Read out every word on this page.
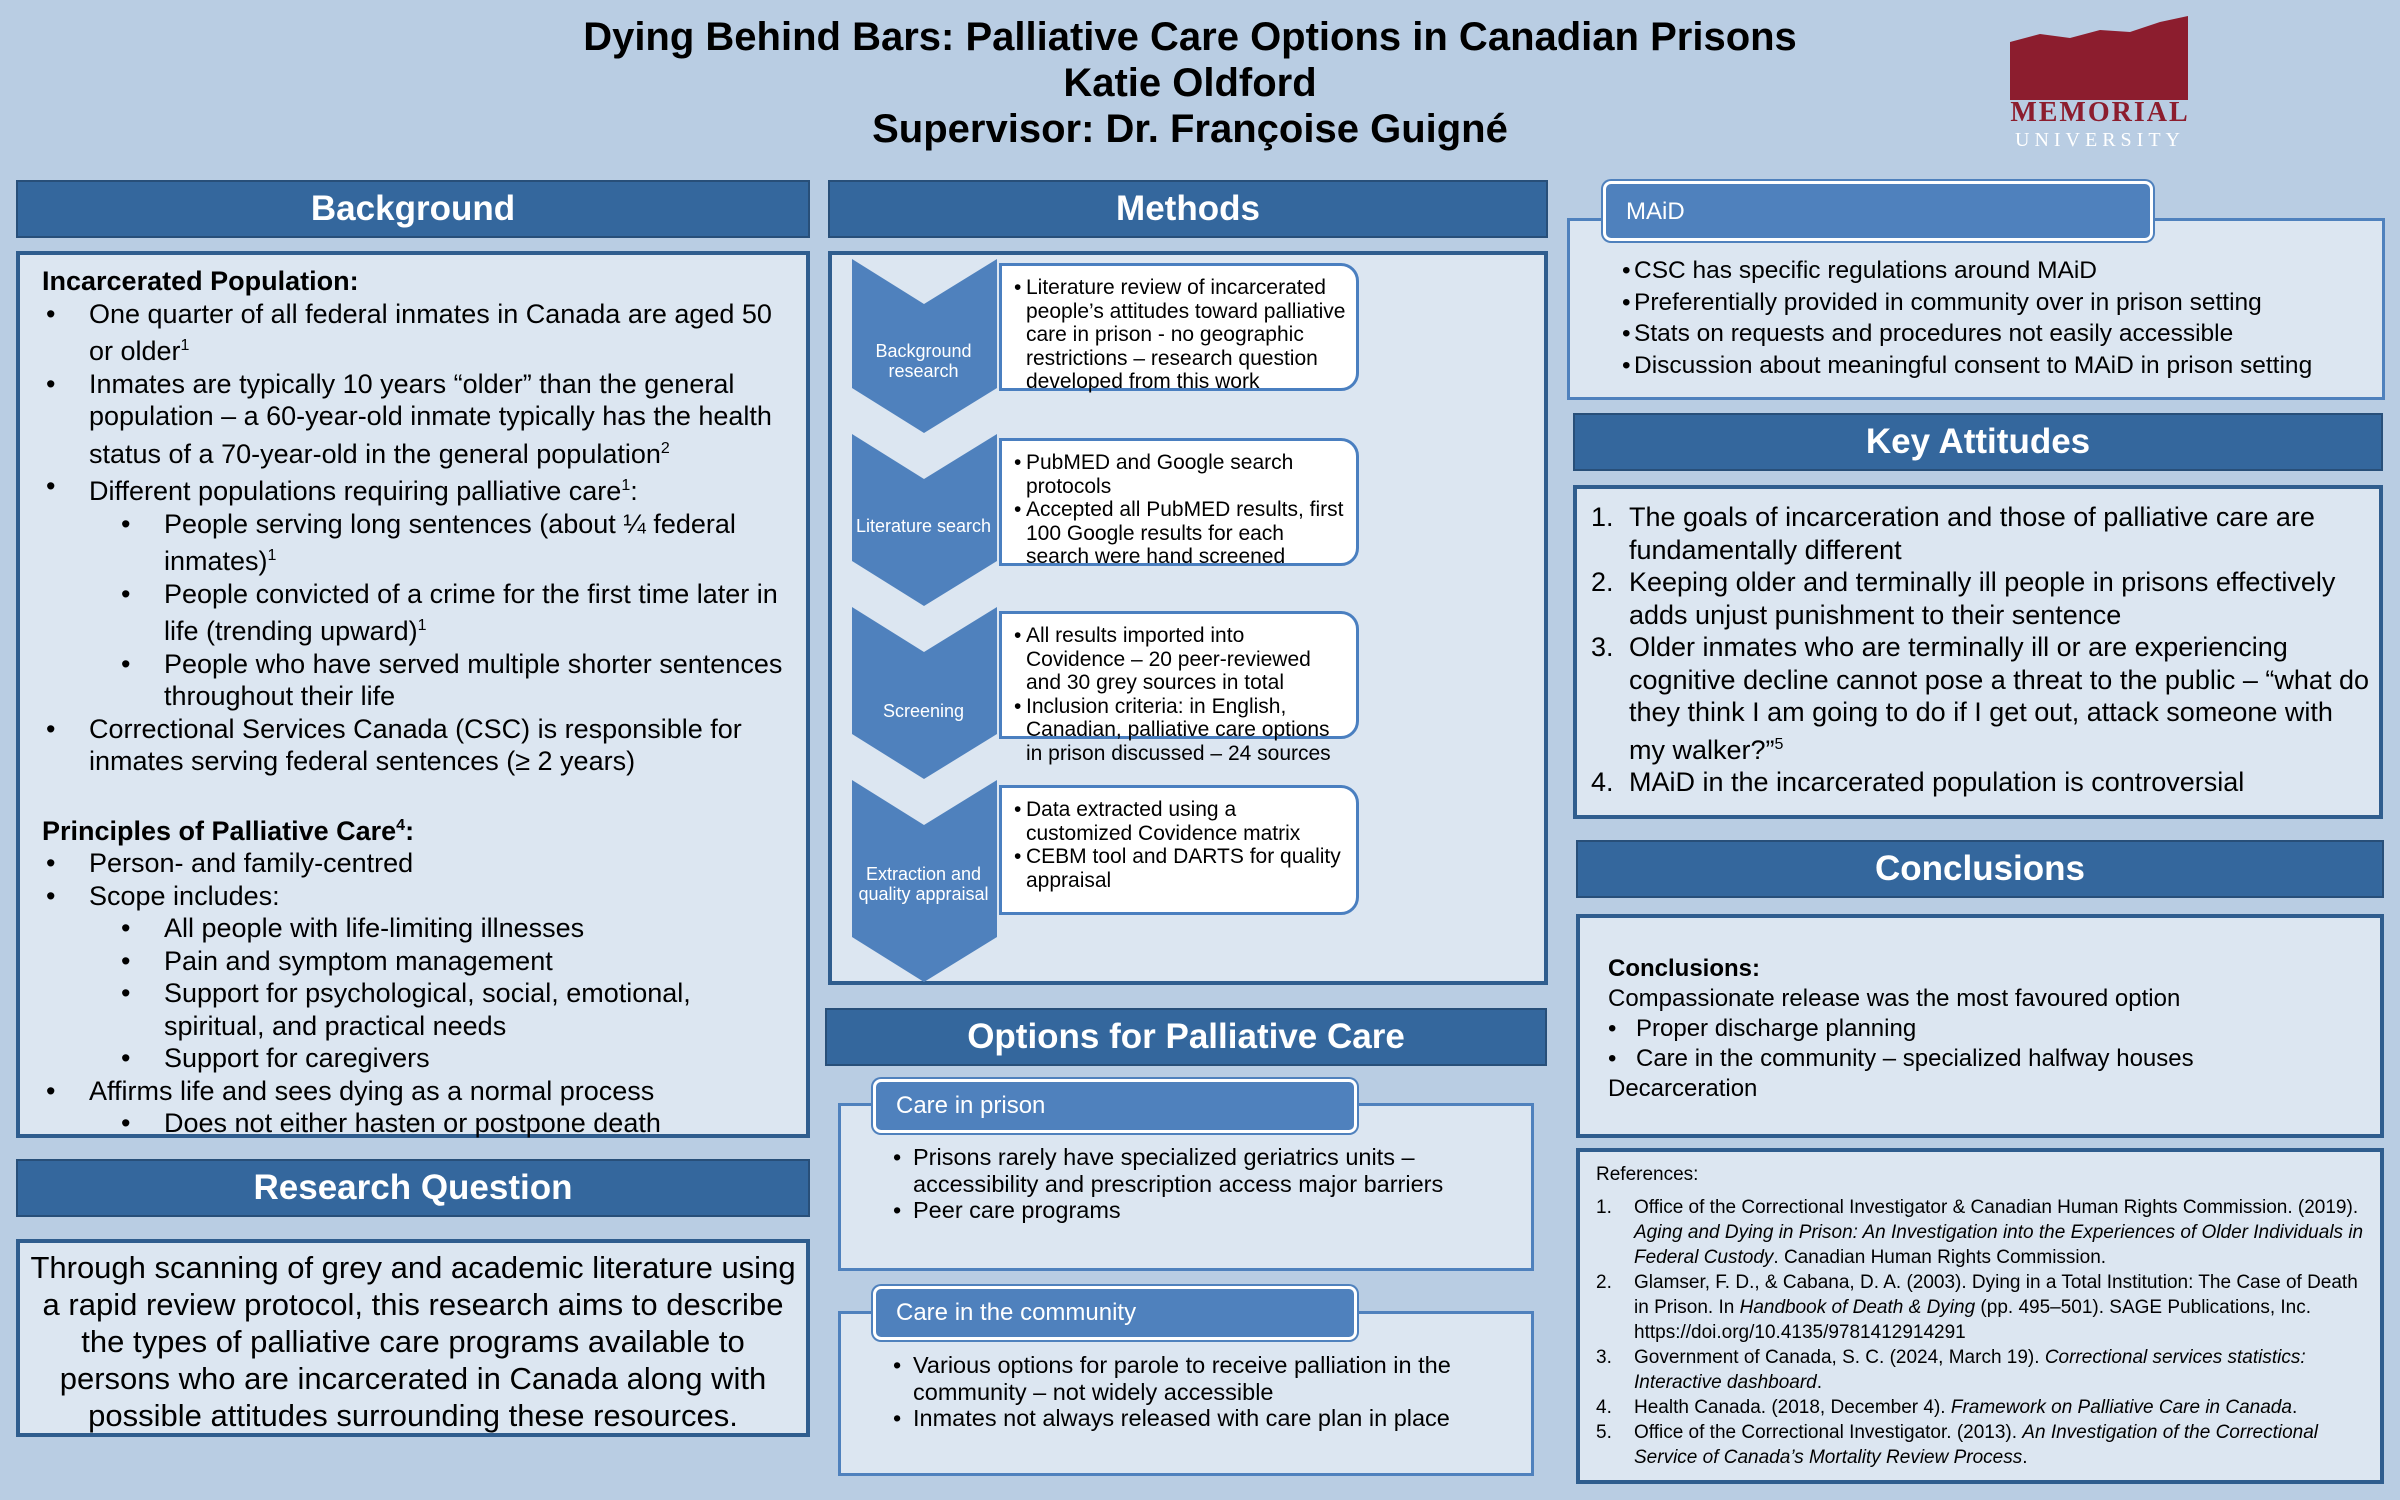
Dying Behind Bars: Palliative Care Options in Canadian Prisons
Katie Oldford
Supervisor: Dr. Françoise Guigné	MEMORIAL
UNIVERSITY
Background
Incarcerated Population:
• One quarter of all federal inmates in Canada are aged 50 or older$^1$
• Inmates are typically 10 years “older” than the general population – a 60-year-old inmate typically has the health status of a 70-year-old in the general population$^2$
• Different populations requiring palliative care$^1$:
• People serving long sentences (about ¼ federal inmates)$^1$
• People convicted of a crime for the first time later in life (trending upward)$^1$
• People who have served multiple shorter sentences throughout their life
• Correctional Services Canada (CSC) is responsible for inmates serving federal sentences (≥ 2 years)
Principles of Palliative Care$^4$:
• Person- and family-centred
• Scope includes:
• All people with life-limiting illnesses
• Pain and symptom management
• Support for psychological, social, emotional, spiritual, and practical needs
• Support for caregivers
• Affirms life and sees dying as a normal process
• Does not either hasten or postpone death
Research Question
Through scanning of grey and academic literature using a rapid review protocol, this research aims to describe the types of palliative care programs available to persons who are incarcerated in Canada along with possible attitudes surrounding these resources.
Methods
Background research
Literature search
Screening
Extraction and quality appraisal
• Literature review of incarcerated people’s attitudes toward palliative care in prison - no geographic restrictions – research question developed from this work
• PubMED and Google search protocols
• Accepted all PubMED results, first 100 Google results for each search were hand screened
• All results imported into Covidence – 20 peer-reviewed and 30 grey sources in total
• Inclusion criteria: in English, Canadian, palliative care options in prison discussed – 24 sources
• Data extracted using a customized Covidence matrix
• CEBM tool and DARTS for quality appraisal
Options for Palliative Care
• Prisons rarely have specialized geriatrics units – accessibility and prescription access major barriers
• Peer care programs
Care in prison
• Various options for parole to receive palliation in the community – not widely accessible
• Inmates not always released with care plan in place
Care in the community
• CSC has specific regulations around MAiD
• Preferentially provided in community over in prison setting
• Stats on requests and procedures not easily accessible
• Discussion about meaningful consent to MAiD in prison setting
MAiD
Key Attitudes
1. The goals of incarceration and those of palliative care are fundamentally different
2. Keeping older and terminally ill people in prisons effectively adds unjust punishment to their sentence
3. Older inmates who are terminally ill or are experiencing cognitive decline cannot pose a threat to the public – “what do they think I am going to do if I get out, attack someone with my walker?”$^5$
4. MAiD in the incarcerated population is controversial
Conclusions
Conclusions:
Compassionate release was the most favoured option
• Proper discharge planning
• Care in the community – specialized halfway houses
Decarceration
References:
1. Office of the Correctional Investigator & Canadian Human Rights Commission. (2019). Aging and Dying in Prison: An Investigation into the Experiences of Older Individuals in Federal Custody. Canadian Human Rights Commission.
2. Glamser, F. D., & Cabana, D. A. (2003). Dying in a Total Institution: The Case of Death in Prison. In Handbook of Death & Dying (pp. 495–501). SAGE Publications, Inc. https://doi.org/10.4135/9781412914291
3. Government of Canada, S. C. (2024, March 19). Correctional services statistics: Interactive dashboard.
4. Health Canada. (2018, December 4). Framework on Palliative Care in Canada.
5. Office of the Correctional Investigator. (2013). An Investigation of the Correctional Service of Canada’s Mortality Review Process.
